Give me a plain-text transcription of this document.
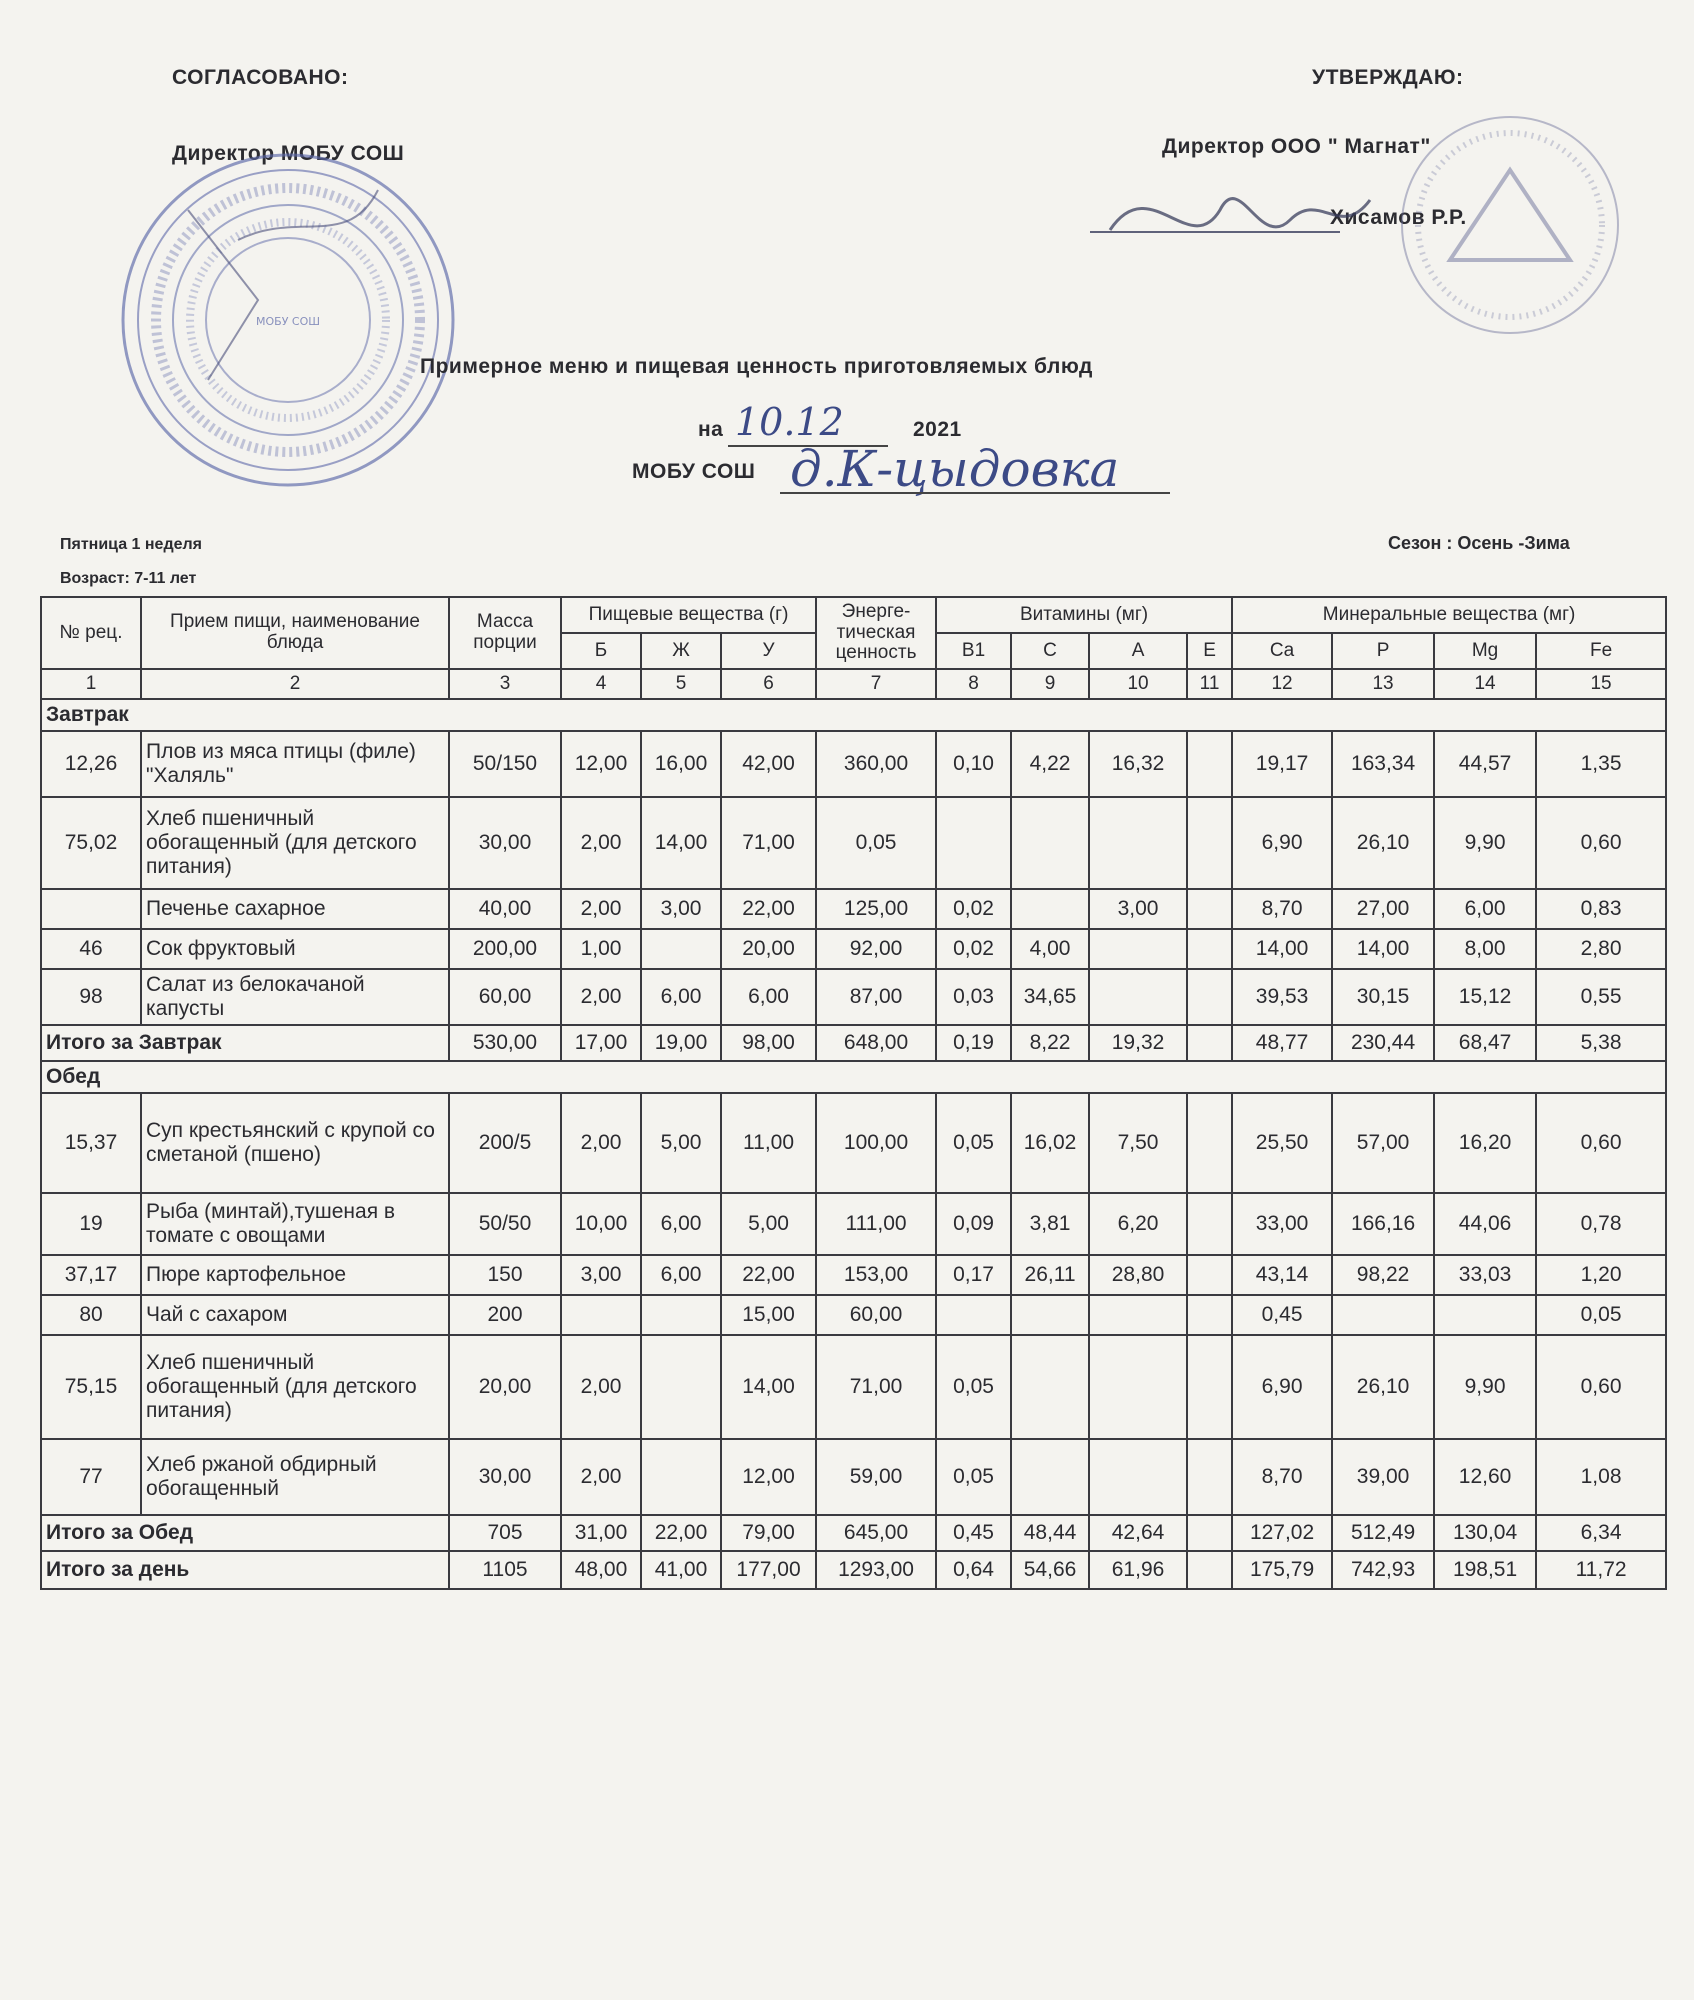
СОГЛАСОВАНО:
Директор МОБУ СОШ
МОБУ СОШ
УТВЕРЖДАЮ:
Директор ООО " Магнат"
Хисамов Р.Р.
Примерное меню и пищевая ценность приготовляемых блюд
на 10.12	2021
МОБУ СОШ д.К-цыдовка
Пятница 1 неделя
Возраст: 7-11 лет
Сезон : Осень -Зима
№ рец.	Прием пищи, наименование блюда	Масса порции	Пищевые вещества (г)			Энерге-тическая ценность	Витамины (мг)				Минеральные вещества (мг)			
			Б	Ж	У		В1	C	A	E	Ca	P	Mg	Fe
1	2	3	4	5	6	7	8	9	10	11	12	13	14	15
Завтрак														
12,26	Плов из мяса птицы (филе) "Халяль"	50/150	12,00	16,00	42,00	360,00	0,10	4,22	16,32		19,17	163,34	44,57	1,35
75,02	Хлеб пшеничный обогащенный (для детского питания)	30,00	2,00	14,00	71,00	0,05					6,90	26,10	9,90	0,60
	Печенье сахарное	40,00	2,00	3,00	22,00	125,00	0,02		3,00		8,70	27,00	6,00	0,83
46	Сок фруктовый	200,00	1,00		20,00	92,00	0,02	4,00			14,00	14,00	8,00	2,80
98	Салат из белокачаной капусты	60,00	2,00	6,00	6,00	87,00	0,03	34,65			39,53	30,15	15,12	0,55
Итого за Завтрак		530,00	17,00	19,00	98,00	648,00	0,19	8,22	19,32		48,77	230,44	68,47	5,38
Обед														
15,37	Суп крестьянский с крупой со сметаной (пшено)	200/5	2,00	5,00	11,00	100,00	0,05	16,02	7,50		25,50	57,00	16,20	0,60
19	Рыба (минтай),тушеная в томате с овощами	50/50	10,00	6,00	5,00	111,00	0,09	3,81	6,20		33,00	166,16	44,06	0,78
37,17	Пюре картофельное	150	3,00	6,00	22,00	153,00	0,17	26,11	28,80		43,14	98,22	33,03	1,20
80	Чай с сахаром	200			15,00	60,00					0,45			0,05
75,15	Хлеб пшеничный обогащенный (для детского питания)	20,00	2,00		14,00	71,00	0,05				6,90	26,10	9,90	0,60
77	Хлеб ржаной обдирный обогащенный	30,00	2,00		12,00	59,00	0,05				8,70	39,00	12,60	1,08
Итого за Обед		705	31,00	22,00	79,00	645,00	0,45	48,44	42,64		127,02	512,49	130,04	6,34
Итого за день		1105	48,00	41,00	177,00	1293,00	0,64	54,66	61,96		175,79	742,93	198,51	11,72
